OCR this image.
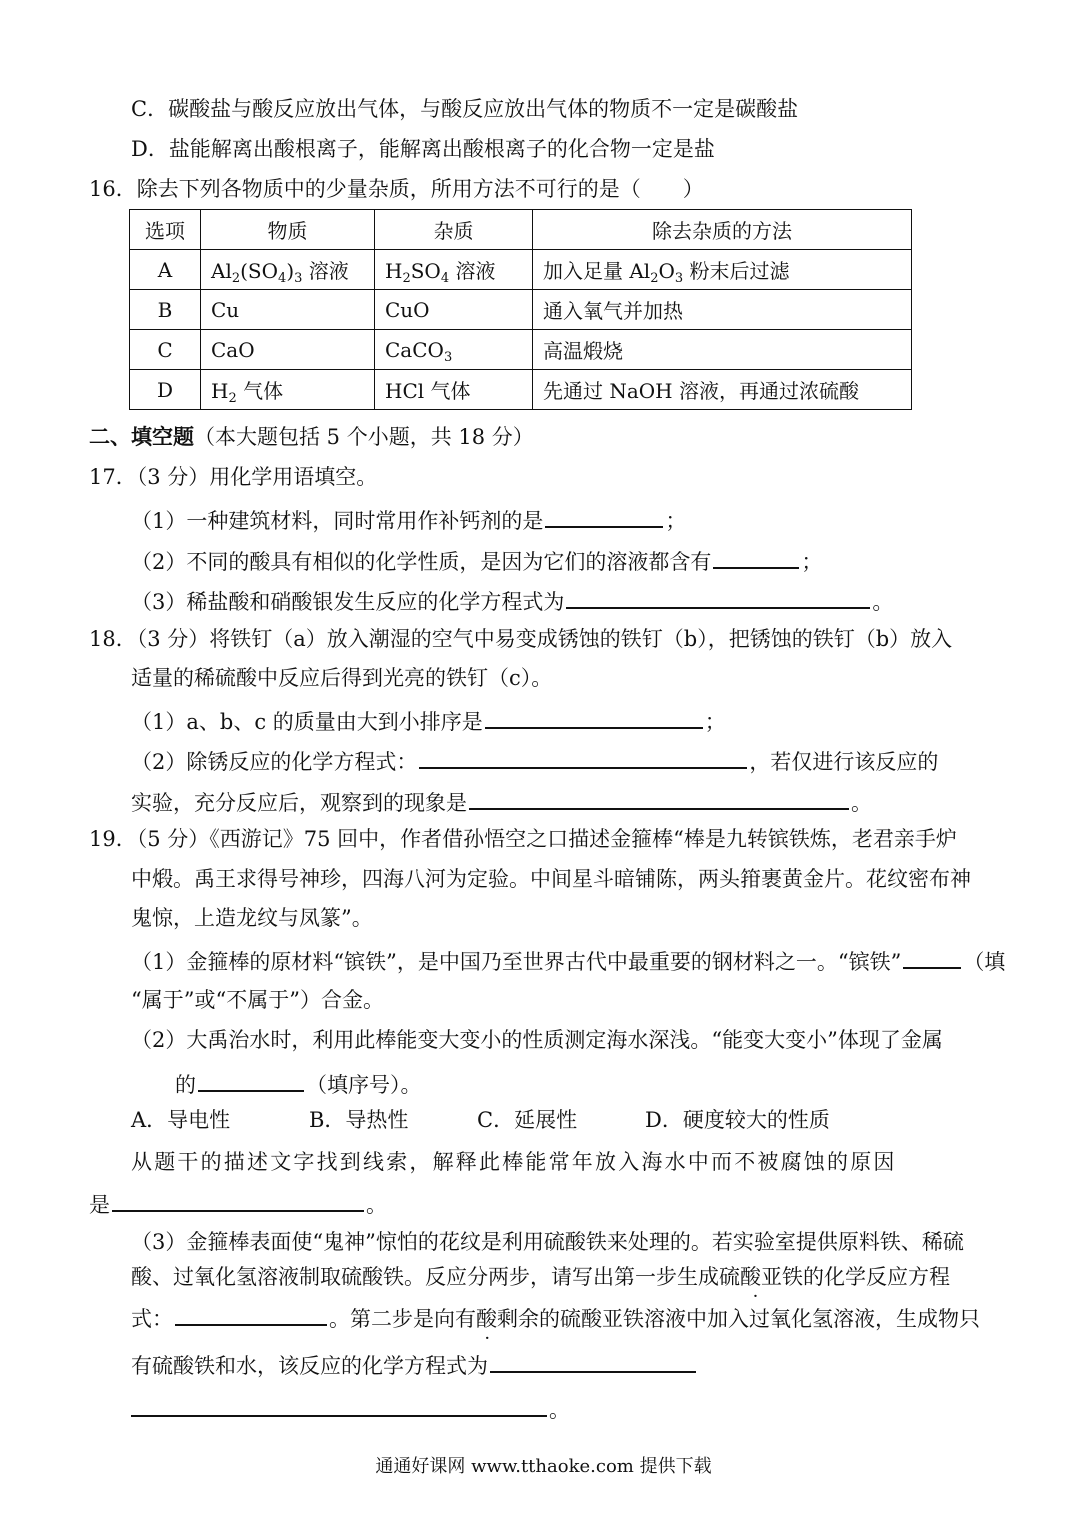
C．碳酸盐与酸反应放出气体，与酸反应放出气体的物质不一定是碳酸盐
D．盐能解离出酸根离子，能解离出酸根离子的化合物一定是盐
16．除去下列各物质中的少量杂质，所用方法不可行的是（　　）
选项	物质	杂质	除去杂质的方法
A	$Al_2(SO_4)_3$ 溶液	$H_2SO_4$ 溶液	加入足量 $Al_2O_3$ 粉末后过滤
B	Cu	CuO	通入氧气并加热
C	CaO	CaCO$_3$	高温煅烧
D	$H_2$ 气体	HCl 气体	先通过 NaOH 溶液，再通过浓硫酸
二、填空题（本大题包括 5 个小题，共 18 分）
17．（3 分）用化学用语填空。
（1）一种建筑材料，同时常用作补钙剂的是	；
（2）不同的酸具有相似的化学性质，是因为它们的溶液都含有	；
（3）稀盐酸和硝酸银发生反应的化学方程式为	。
18．（3 分）将铁钉（a）放入潮湿的空气中易变成锈蚀的铁钉（b），把锈蚀的铁钉（b）放入
适量的稀硫酸中反应后得到光亮的铁钉（c）。
（1）a、b、c 的质量由大到小排序是	；
（2）除锈反应的化学方程式：	，若仅进行该反应的
实验，充分反应后，观察到的现象是	。
19．（5 分）《西游记》75 回中，作者借孙悟空之口描述金箍棒“棒是九转镔铁炼，老君亲手炉
中煅。禹王求得号神珍，四海八河为定验。中间星斗暗铺陈，两头箝裹黄金片。花纹密布神
鬼惊，上造龙纹与凤篆”。
（1）金箍棒的原材料“镔铁”，是中国乃至世界古代中最重要的钢材料之一。“镔铁”	（填
“属于”或“不属于”）合金。
（2）大禹治水时，利用此棒能变大变小的性质测定海水深浅。“能变大变小”体现了金属
的	（填序号）。
A．导电性	B．导热性	C．延展性	D．硬度较大的性质
从题干的描述文字找到线索，解释此棒能常年放入海水中而不被腐蚀的原因
是	。
（3）金箍棒表面使“鬼神”惊怕的花纹是利用硫酸铁来处理的。若实验室提供原料铁、稀硫
酸、过氧化氢溶液制取硫酸铁。反应分两步，请写出第一步生成硫酸亚铁的化学反应方程
式：	。第二步是向有酸剩余的硫酸亚铁溶液中加入过氧化氢溶液，生成物只
有硫酸铁和水，该反应的化学方程式为
。
通通好课网 www.tthaoke.com 提供下载
